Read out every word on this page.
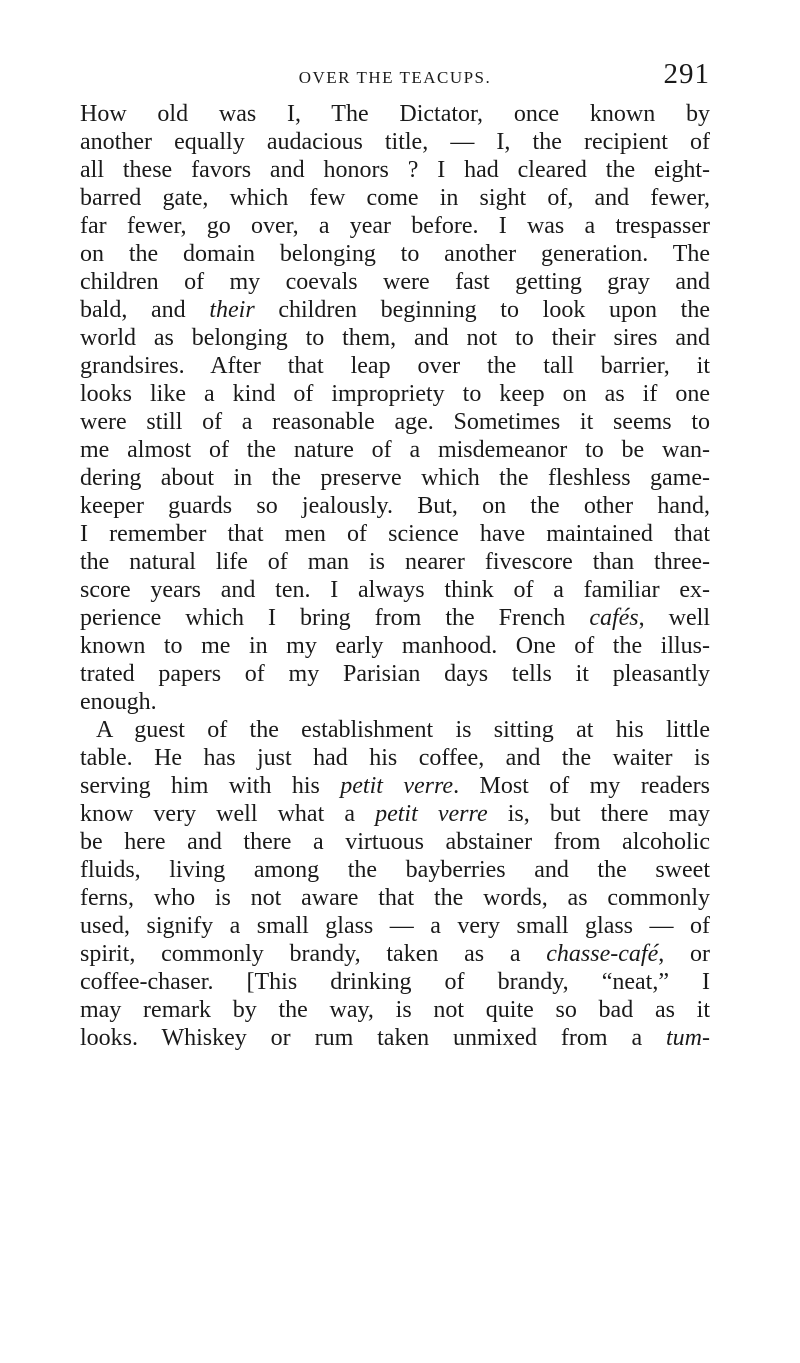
OVER THE TEACUPS.	291
How old was I, The Dictator, once known by
another equally audacious title, — I, the recipient of
all these favors and honors ? I had cleared the eight-
barred gate, which few come in sight of, and fewer,
far fewer, go over, a year before. I was a trespasser
on the domain belonging to another generation. The
children of my coevals were fast getting gray and
bald, and their children beginning to look upon the
world as belonging to them, and not to their sires and
grandsires. After that leap over the tall barrier, it
looks like a kind of impropriety to keep on as if one
were still of a reasonable age. Sometimes it seems to
me almost of the nature of a misdemeanor to be wan-
dering about in the preserve which the fleshless game-
keeper guards so jealously. But, on the other hand,
I remember that men of science have maintained that
the natural life of man is nearer fivescore than three-
score years and ten. I always think of a familiar ex-
perience which I bring from the French cafés, well
known to me in my early manhood. One of the illus-
trated papers of my Parisian days tells it pleasantly
enough.
A guest of the establishment is sitting at his little
table. He has just had his coffee, and the waiter is
serving him with his petit verre. Most of my readers
know very well what a petit verre is, but there may
be here and there a virtuous abstainer from alcoholic
fluids, living among the bayberries and the sweet
ferns, who is not aware that the words, as commonly
used, signify a small glass — a very small glass — of
spirit, commonly brandy, taken as a chasse-café, or
coffee-chaser. [This drinking of brandy, “neat,” I
may remark by the way, is not quite so bad as it
looks. Whiskey or rum taken unmixed from a tum-
